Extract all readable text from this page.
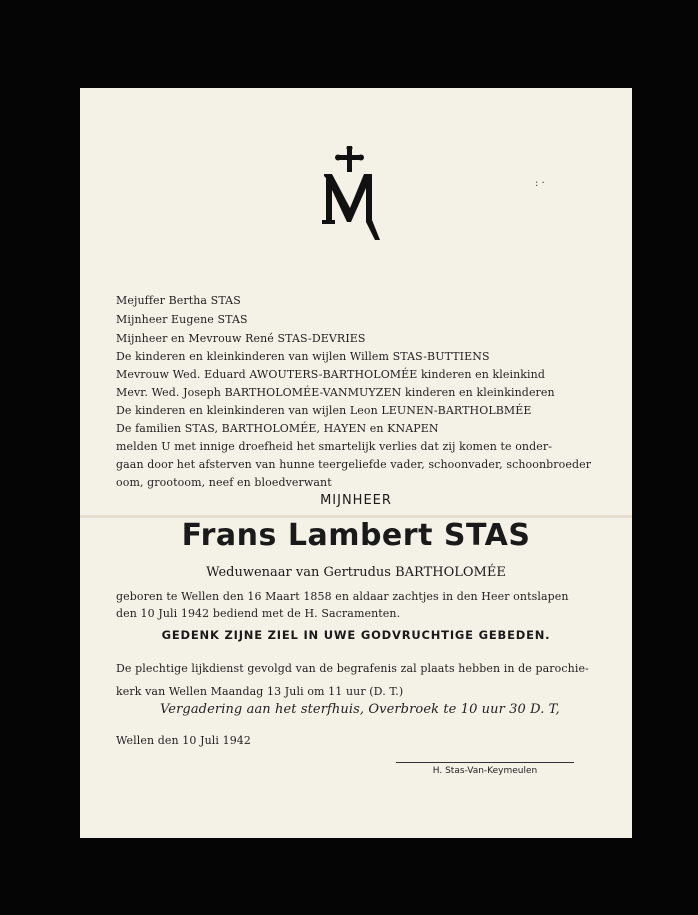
: ·
Mejuffer Bertha STAS
Mijnheer Eugene STAS
Mijnheer en Mevrouw René STAS-DEVRIES
De kinderen en kleinkinderen van wijlen Willem STAS-BUTTIENS
Mevrouw Wed. Eduard AWOUTERS-BARTHOLOMÉE kinderen en kleinkind
Mevr. Wed. Joseph BARTHOLOMÉE-VANMUYZEN kinderen en kleinkinderen
De kinderen en kleinkinderen van wijlen Leon LEUNEN-BARTHOLBMÉE
De familien STAS, BARTHOLOMÉE, HAYEN en KNAPEN
melden U met innige droefheid het smartelijk verlies dat zij komen te onder-
gaan door het afsterven van hunne teergeliefde vader, schoonvader, schoonbroeder
oom, grootoom, neef en bloedverwant
MIJNHEER
Frans Lambert STAS
Weduwenaar van Gertrudus BARTHOLOMÉE
geboren te Wellen den 16 Maart 1858 en aldaar zachtjes in den Heer ontslapen
den 10 Juli 1942 bediend met de H. Sacramenten.
GEDENK ZIJNE ZIEL IN UWE GODVRUCHTIGE GEBEDEN.
De plechtige lijkdienst gevolgd van de begrafenis zal plaats hebben in de parochie-
kerk van Wellen Maandag 13 Juli om 11 uur (D. T.)
Vergadering aan het sterfhuis, Overbroek te 10 uur 30 D. T,
Wellen den 10 Juli 1942
H. Stas-Van-Keymeulen
